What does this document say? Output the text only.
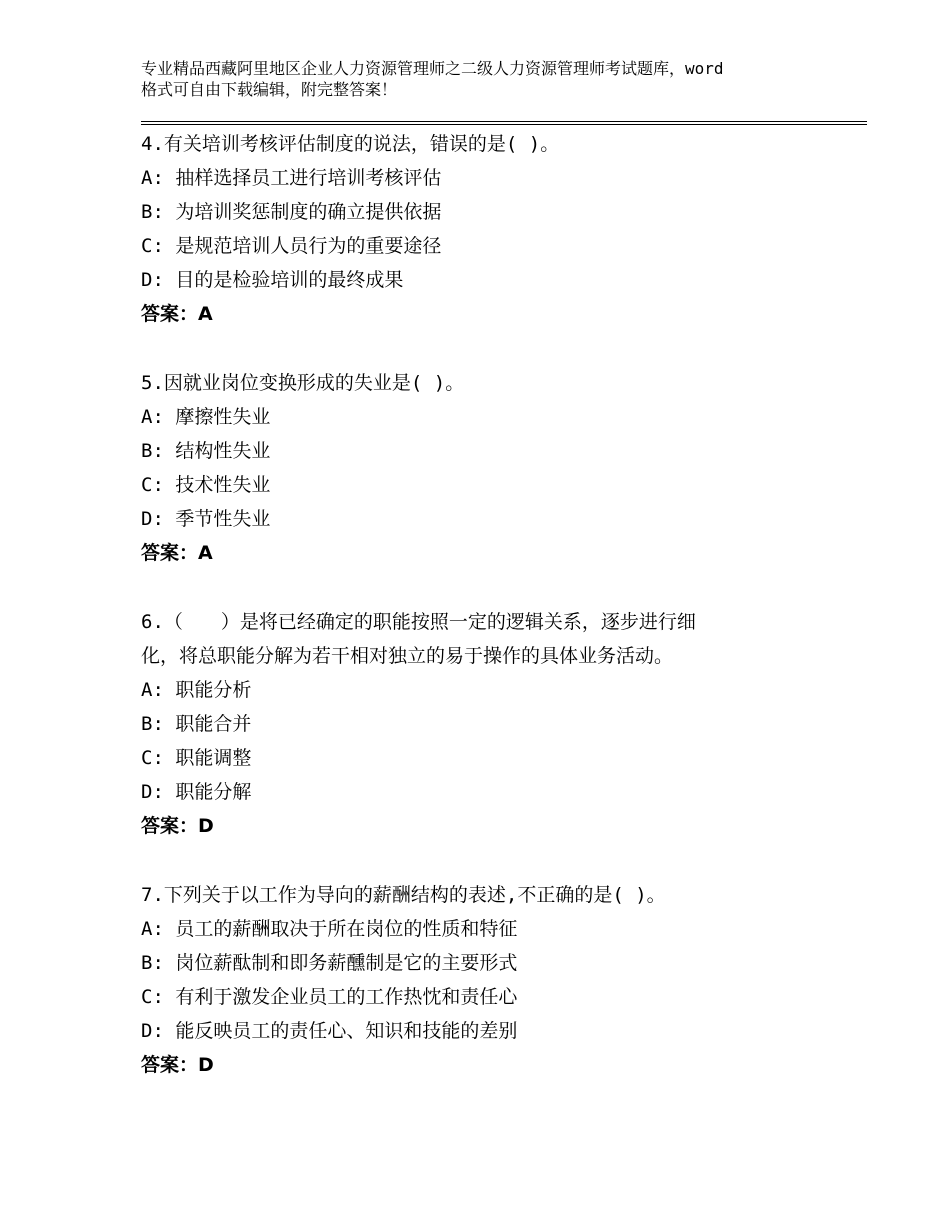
专业精品西藏阿里地区企业人力资源管理师之二级人力资源管理师考试题库，word
格式可自由下载编辑，附完整答案！
4.有关培训考核评估制度的说法，错误的是( )。
A: 抽样选择员工进行培训考核评估
B: 为培训奖惩制度的确立提供依据
C: 是规范培训人员行为的重要途径
D: 目的是检验培训的最终成果
答案：A
5.因就业岗位变换形成的失业是( )。
A: 摩擦性失业
B: 结构性失业
C: 技术性失业
D: 季节性失业
答案：A
6.（　　）是将已经确定的职能按照一定的逻辑关系，逐步进行细
化，将总职能分解为若干相对独立的易于操作的具体业务活动。
A: 职能分析
B: 职能合并
C: 职能调整
D: 职能分解
答案：D
7.下列关于以工作为导向的薪酬结构的表述,不正确的是( )。
A: 员工的薪酬取决于所在岗位的性质和特征
B: 岗位薪酞制和即务薪醺制是它的主要形式
C: 有利于激发企业员工的工作热忱和责任心
D: 能反映员工的责任心、知识和技能的差别
答案：D
